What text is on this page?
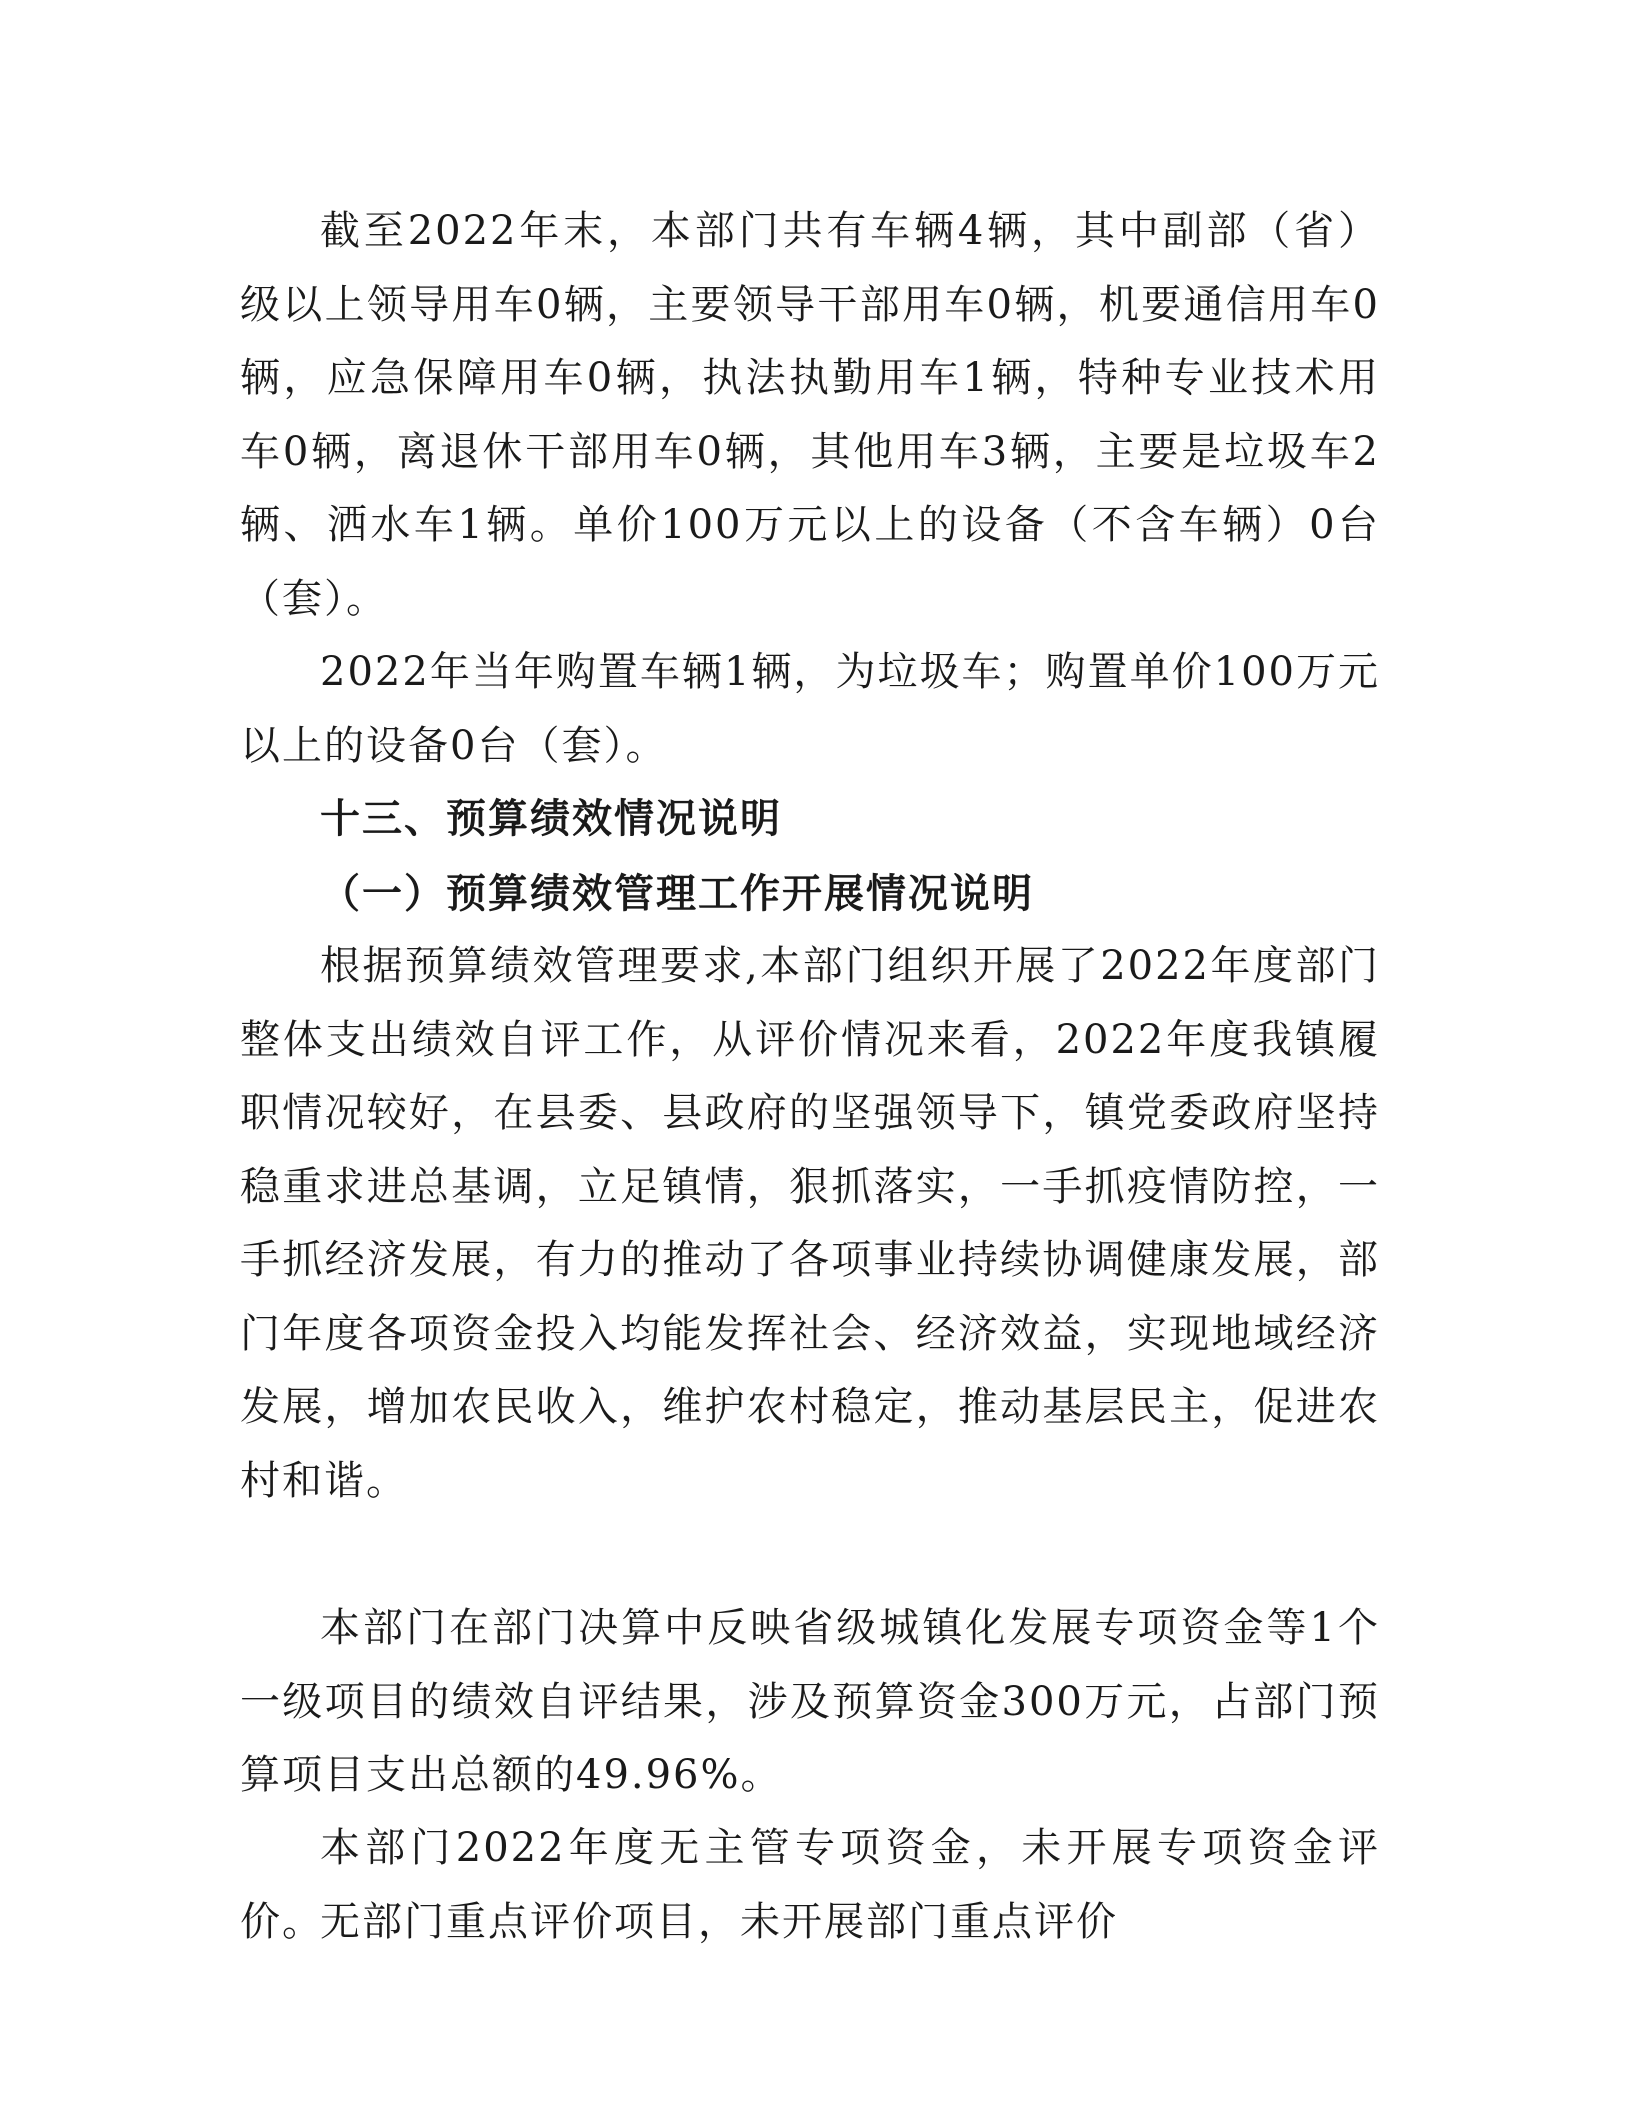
截至2022年末，本部门共有车辆4辆，其中副部（省）级以上领导用车0辆，主要领导干部用车0辆，机要通信用车0辆，应急保障用车0辆，执法执勤用车1辆，特种专业技术用车0辆，离退休干部用车0辆，其他用车3辆，主要是垃圾车2辆、洒水车1辆。单价100万元以上的设备（不含车辆）0台（套）。

2022年当年购置车辆1辆，为垃圾车；购置单价100万元以上的设备0台（套）。

十三、预算绩效情况说明

（一）预算绩效管理工作开展情况说明

根据预算绩效管理要求,本部门组织开展了2022年度部门整体支出绩效自评工作，从评价情况来看，2022年度我镇履职情况较好，在县委、县政府的坚强领导下，镇党委政府坚持稳重求进总基调，立足镇情，狠抓落实，一手抓疫情防控，一手抓经济发展，有力的推动了各项事业持续协调健康发展，部门年度各项资金投入均能发挥社会、经济效益，实现地域经济发展，增加农民收入，维护农村稳定，推动基层民主，促进农村和谐。

本部门在部门决算中反映省级城镇化发展专项资金等1个一级项目的绩效自评结果，涉及预算资金300万元，占部门预算项目支出总额的49.96%。

本部门2022年度无主管专项资金，未开展专项资金评价。

无部门重点评价项目，未开展部门重点评价
